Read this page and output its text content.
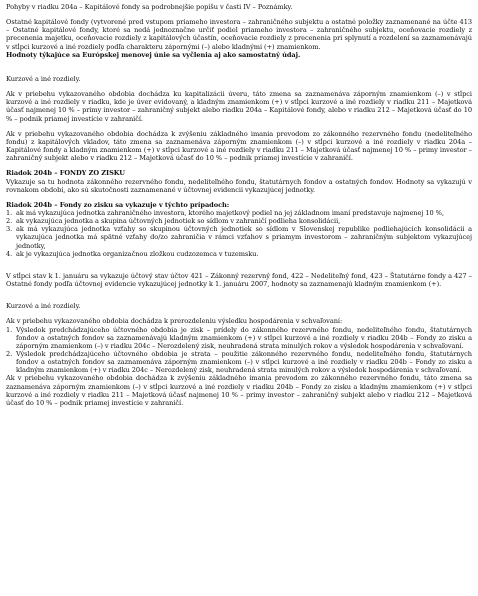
Pohyby v riadku 204a – Kapitálové fondy sa podrobnejšie popíšu v časti IV – Poznámky.

Ostatné kapitálové fondy (vytvorené pred vstupom priameho investora – zahraničného subjektu a ostatné položky zaznamenané na účte 413 – Ostatné kapitálové fondy, ktoré sa nedá jednoznačne určiť podiel priameho investora – zahraničného subjektu, oceňovacie rozdiely z precenenia majetku, oceňovacie rozdiely z kapitálových účastín, oceňovacie rozdiely z precenenia pri splynutí a rozdelení sa zaznamenávajú v stĺpci kurzové a iné rozdiely podľa charakteru zápornými (–) alebo kladnými (+) znamienkom.

Hodnoty týkajúce sa Európskej menovej únie sa vyčlenia aj ako samostatný údaj.

Kurzové a iné rozdiely.

Ak v priebehu vykazovaného obdobia dochádza ku kapitalizácii úveru, táto zmena sa zaznamenáva záporným znamienkom (–) v stĺpci kurzové a iné rozdiely v riadku, kde je úver evidovaný, a kladným znamienkom (+) v stĺpci kurzové a iné rozdiely v riadku 211 – Majetková účasť najmenej 10 % – primy investor – zahraničný subjekt alebo riadku 204a – Kapitálové fondy, alebo v riadku 212 – Majetková účasť do 10 % – podnik priamej investície v zahraničí.

Ak v priebehu vykazovaného obdobia dochádza k zvýšeniu základného imania prevodom zo zákonného rezervného fondu (nedeliteľného fondu) z kapitálových vkladov, táto zmena sa zaznamenáva záporným znamienkom (–) v stĺpci kurzové a iné rozdiely v riadku 204a – Kapitálové fondy a kladným znamienkom (+) v stĺpci kurzové a iné rozdiely v riadku 211 – Majetková účasť najmenej 10 % – primy investor – zahraničný subjekt alebo v riadku 212 – Majetková účasť do 10 % – podnik priamej investície v zahraničí.

Riadok 204b – FONDY ZO ZISKU

Vykazuje sa tu hodnota zákonného rezervného fondu, nedeliteľného fondu, štatutárnych fondov a ostatných fondov. Hodnoty sa vykazujú v rovnakom období, ako sú skutočnosti zaznamenané v účtovnej evidencii vykazujúcej jednotky.

Riadok 204b – Fondy zo zisku sa vykazuje v týchto prípadoch:

1. ak má vykazujúca jednotka zahraničného investora, ktorého majetkový podiel na jej základnom imaní predstavuje najmenej 10 %,
2. ak vykazujúca jednotka a skupina účtovných jednotiek so sídlom v zahraničí podlieha konsolidácii,
3. ak má vykazujúca jednotka vzťahy so skupinou účtovných jednotiek so sídlom v Slovenskej republike podliehajúcich konsolidácii a vykazujúca jednotka má spätné vzťahy do/zo zahraničia v rámci vzťahov s priamym investorom – zahraničným subjektom vykazujúcej jednotky,
4. ak je vykazujúca jednotka organizačnou zložkou cudzozemca v tuzemsku.

V stĺpci stav k 1. januáru sa vykazuje účtový stav účtov 421 – Zákonný rezervný fond, 422 – Nedeliteľný fond, 423 – Štatutárne fondy a 427 – Ostatné fondy podľa účtovnej evidencie vykazujúcej jednotky k 1. januáru 2007, hodnoty sa zaznamenajú kladným znamienkom (+).

Kurzové a iné rozdiely.

Ak v priebehu vykazovaného obdobia dochádza k prerozdeleniu výsledku hospodárenia v schvaľovaní:

1. Výsledok predchádzajúceho účtovného obdobia je zisk – prídely do zákonného rezervného fondu, nedeliteľného fondu, štatutárnych fondov a ostatných fondov sa zaznamenávajú kladným znamienkom (+) v stĺpci kurzové a iné rozdiely v riadku 204b – Fondy zo zisku a záporným znamienkom (–) v riadku 204c – Nerozdelený zisk, neuhradená strata minulých rokov a výsledok hospodárenia v schvaľovaní.
2. Výsledok predchádzajúceho účtovného obdobia je strata – použitie zákonného rezervného fondu, nedeliteľného fondu, štatutárnych fondov a ostatných fondov sa zaznamenáva záporným znamienkom (–) v stĺpci kurzové a iné rozdiely v riadku 204b – Fondy zo zisku a kladným znamienkom (+) v riadku 204c – Nerozdelený zisk, neuhradená strata minulých rokov a výsledok hospodárenia v schvaľovaní.

Ak v priebehu vykazovaného obdobia dochádza k zvýšeniu základného imania prevodom zo zákonného rezervného fondu, táto zmena sa zaznamenáva záporným znamienkom (–) v stĺpci kurzové a iné rozdiely v riadku 204b – Fondy zo zisku a kladným znamienkom (+) v stĺpci kurzové a iné rozdiely v riadku 211 – Majetková účasť najmenej 10 % – primy investor – zahraničný subjekt alebo v riadku 212 – Majetková účasť do 10 % – podnik priamej investície v zahraničí.
